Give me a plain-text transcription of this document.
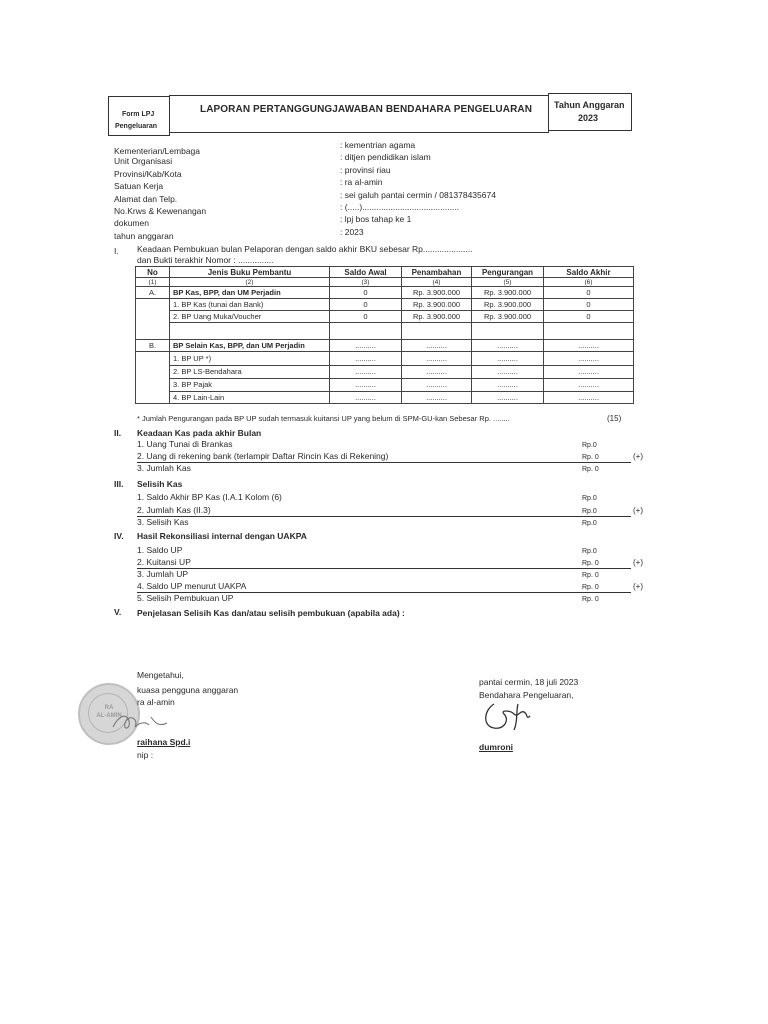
Form LPJ
Pengeluaran
LAPORAN PERTANGGUNGJAWABAN BENDAHARA PENGELUARAN Tahun Anggaran
2023
Kementerian/Lembaga
: kementrian agama
Unit Organisasi	: ditjen pendidikan islam
Provinsi/Kab/Kota	: provinsi riau
Satuan Kerja	: ra al-amin
Alamat dan Telp.	: sei galuh pantai cermin / 081378435674
No.Krws & Kewenangan	: (.....).........................................
dokumen	: lpj bos tahap ke 1
tahun anggaran	: 2023
I. Keadaan Pembukuan bulan Pelaporan dengan saldo akhir BKU sebesar Rp.....................
dan Bukti terakhir Nomor : ...............
No	Jenis Buku Pembantu	Saldo Awal	Penambahan	Pengurangan	Saldo Akhir
(1)	(2)	(3)	(4)	(5)	(6)
A.	BP Kas, BPP, dan UM Perjadin	0	Rp. 3.900.000	Rp. 3.900.000	0
	1. BP Kas (tunai dan Bank)	0	Rp. 3.900.000	Rp. 3.900.000	0
	2. BP Uang Muka/Voucher	0	Rp. 3.900.000	Rp. 3.900.000	0

B.	BP Selain Kas, BPP, dan UM Perjadin	..........	..........	..........	..........
	1. BP UP *)	..........	..........	..........	..........
	2. BP LS-Bendahara	..........	..........	..........	..........
	3. BP Pajak	..........	..........	..........	..........
	4. BP Lain-Lain	..........	..........	..........	..........
* Jumlah Pengurangan pada BP UP sudah termasuk kuitansi UP yang belum di SPM-GU-kan Sebesar Rp. ........	(15)
II. Keadaan Kas pada akhir Bulan
1. Uang Tunai di Brankas	Rp.0
2. Uang di rekening bank (terlampir Daftar Rincin Kas di Rekening)	Rp. 0	(+)
3. Jumlah Kas	Rp. 0
III. Selisih Kas
1. Saldo Akhir BP Kas (I.A.1 Kolom (6)	Rp.0
2. Jumlah Kas (II.3)	Rp.0	(+)
3. Selisih Kas	Rp.0
IV. Hasil Rekonsiliasi internal dengan UAKPA
1. Saldo UP	Rp.0
2. Kuitansi UP	Rp. 0	(+)
3. Jumlah UP	Rp. 0
4. Saldo UP menurut UAKPA	Rp. 0	(+)
5. Selisih Pembukuan UP	Rp. 0
V. Penjelasan Selisih Kas dan/atau selisih pembukuan (apabila ada) :
RA
AL-AMIN
Mengetahui,
kuasa pengguna anggaran
ra al-amin
raihana Spd.i
nip :
pantai cermin, 18 juli 2023
Bendahara Pengeluaran,
dumroni
